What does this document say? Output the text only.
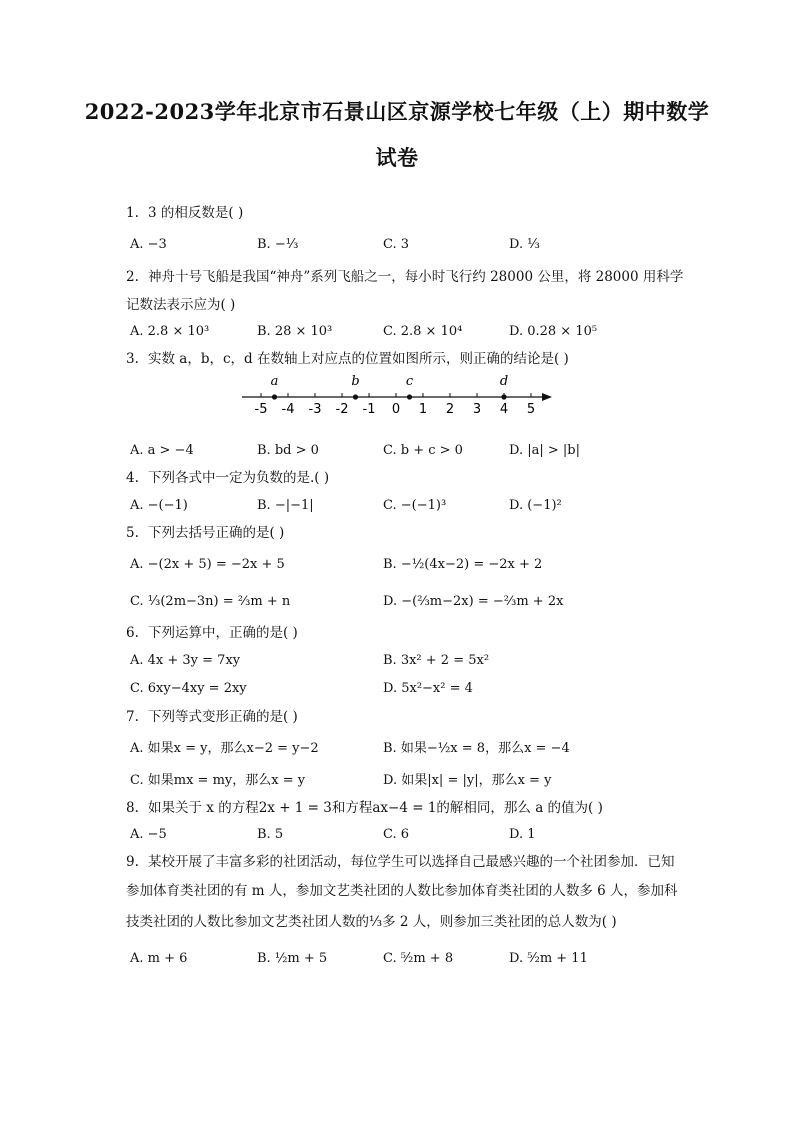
2022-2023学年北京市石景山区京源学校七年级（上）期中数学
试卷
1. 3 的相反数是( )
A. −3	B. −⅓	C. 3	D. ⅓
2. 神舟十号飞船是我国“神舟”系列飞船之一，每小时飞行约 28000 公里，将 28000 用科学
记数法表示应为( )
A. 2.8 × 10³	B. 28 × 10³	C. 2.8 × 10⁴	D. 0.28 × 10⁵
3. 实数 a，b，c，d 在数轴上对应点的位置如图所示，则正确的结论是( )
-5 -4 -3 -2 -1 0 1 2 3 4 5
a	b	c	d
A. a > −4	B. bd > 0	C. b + c > 0	D. |a| > |b|
4. 下列各式中一定为负数的是.( )
A. −(−1)	B. −|−1|	C. −(−1)³	D. (−1)²
5. 下列去括号正确的是( )
A. −(2x + 5) = −2x + 5	B. −½(4x−2) = −2x + 2
C. ⅓(2m−3n) = ⅔m + n	D. −(⅔m−2x) = −⅔m + 2x
6. 下列运算中，正确的是( )
A. 4x + 3y = 7xy	B. 3x² + 2 = 5x²
C. 6xy−4xy = 2xy	D. 5x²−x² = 4
7. 下列等式变形正确的是( )
A. 如果x = y，那么x−2 = y−2	B. 如果−½x = 8，那么x = −4
C. 如果mx = my，那么x = y	D. 如果|x| = |y|，那么x = y
8. 如果关于 x 的方程2x + 1 = 3和方程ax−4 = 1的解相同，那么 a 的值为( )
A. −5	B. 5	C. 6	D. 1
9. 某校开展了丰富多彩的社团活动，每位学生可以选择自己最感兴趣的一个社团参加．已知
参加体育类社团的有 m 人，参加文艺类社团的人数比参加体育类社团的人数多 6 人，参加科
技类社团的人数比参加文艺类社团人数的⅓多 2 人，则参加三类社团的总人数为( )
A. m + 6	B. ½m + 5	C. ⁵⁄₂m + 8	D. ⁵⁄₂m + 11
